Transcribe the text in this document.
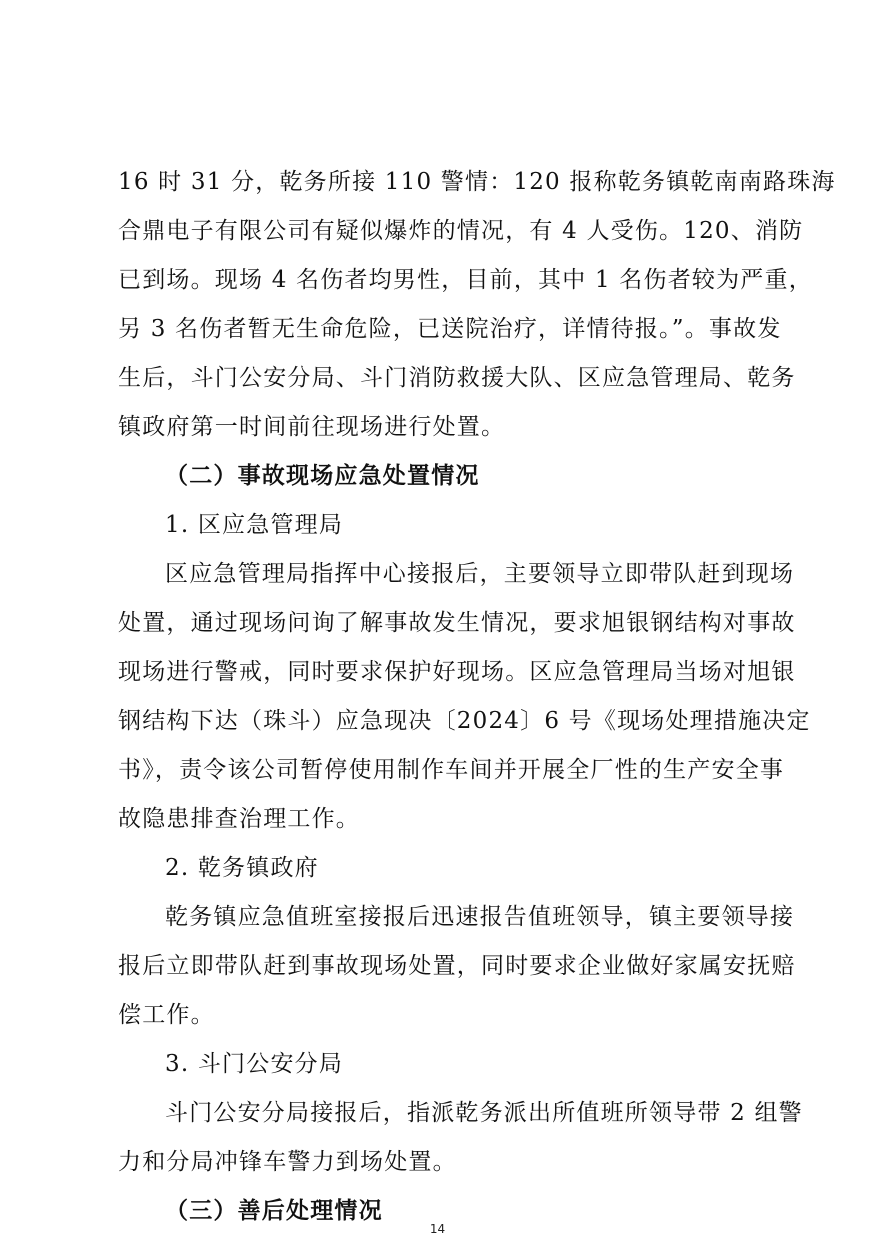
16 时 31 分，乾务所接 110 警情：120 报称乾务镇乾南南路珠海
合鼎电子有限公司有疑似爆炸的情况，有 4 人受伤。120、消防
已到场。现场 4 名伤者均男性，目前，其中 1 名伤者较为严重，
另 3 名伤者暂无生命危险，已送院治疗，详情待报。”。事故发
生后，斗门公安分局、斗门消防救援大队、区应急管理局、乾务
镇政府第一时间前往现场进行处置。
（二）事故现场应急处置情况
1. 区应急管理局
区应急管理局指挥中心接报后，主要领导立即带队赶到现场
处置，通过现场问询了解事故发生情况，要求旭银钢结构对事故
现场进行警戒，同时要求保护好现场。区应急管理局当场对旭银
钢结构下达（珠斗）应急现决〔2024〕6 号《现场处理措施决定
书》，责令该公司暂停使用制作车间并开展全厂性的生产安全事
故隐患排查治理工作。
2. 乾务镇政府
乾务镇应急值班室接报后迅速报告值班领导，镇主要领导接
报后立即带队赶到事故现场处置，同时要求企业做好家属安抚赔
偿工作。
3. 斗门公安分局
斗门公安分局接报后，指派乾务派出所值班所领导带 2 组警
力和分局冲锋车警力到场处置。
（三）善后处理情况
14
